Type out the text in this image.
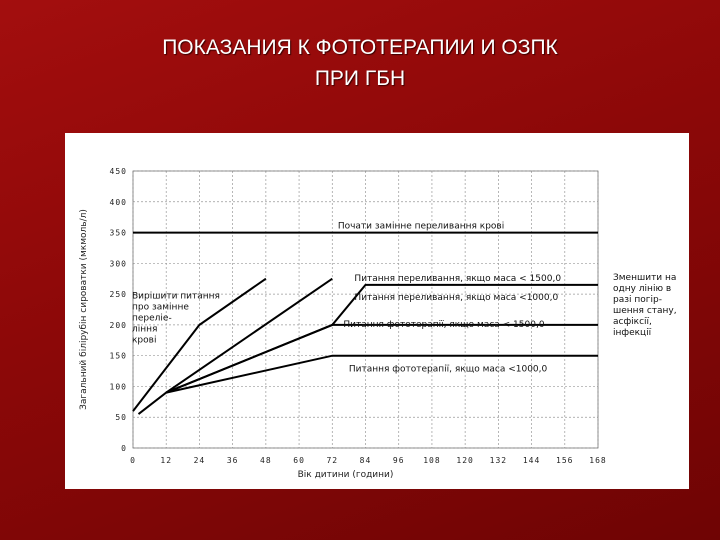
ПОКАЗАНИЯ К ФОТОТЕРАПИИ И ОЗПК
ПРИ ГБН
0	12	24	36	48	60	72	84	96 108 120 132 144 156 168
0
50
100
150
200
250
300
350
400
450
Вік дитини (години)
Загальний білірубін сироватки (мкмоль/л)	Почати замінне переливання крові
Питання переливання, якщо маса < 1500,0
Питання переливання, якщо маса <1000,0
Питання фототерапії, якщо маса < 1500,0
Питання фототерапії, якщо маса <1000,0
Вирішити питання
про замінне
переліе-
ління
крові
Зменшити на
одну лінію в
разі погір-
шення стану,
асфіксії,
інфекції
